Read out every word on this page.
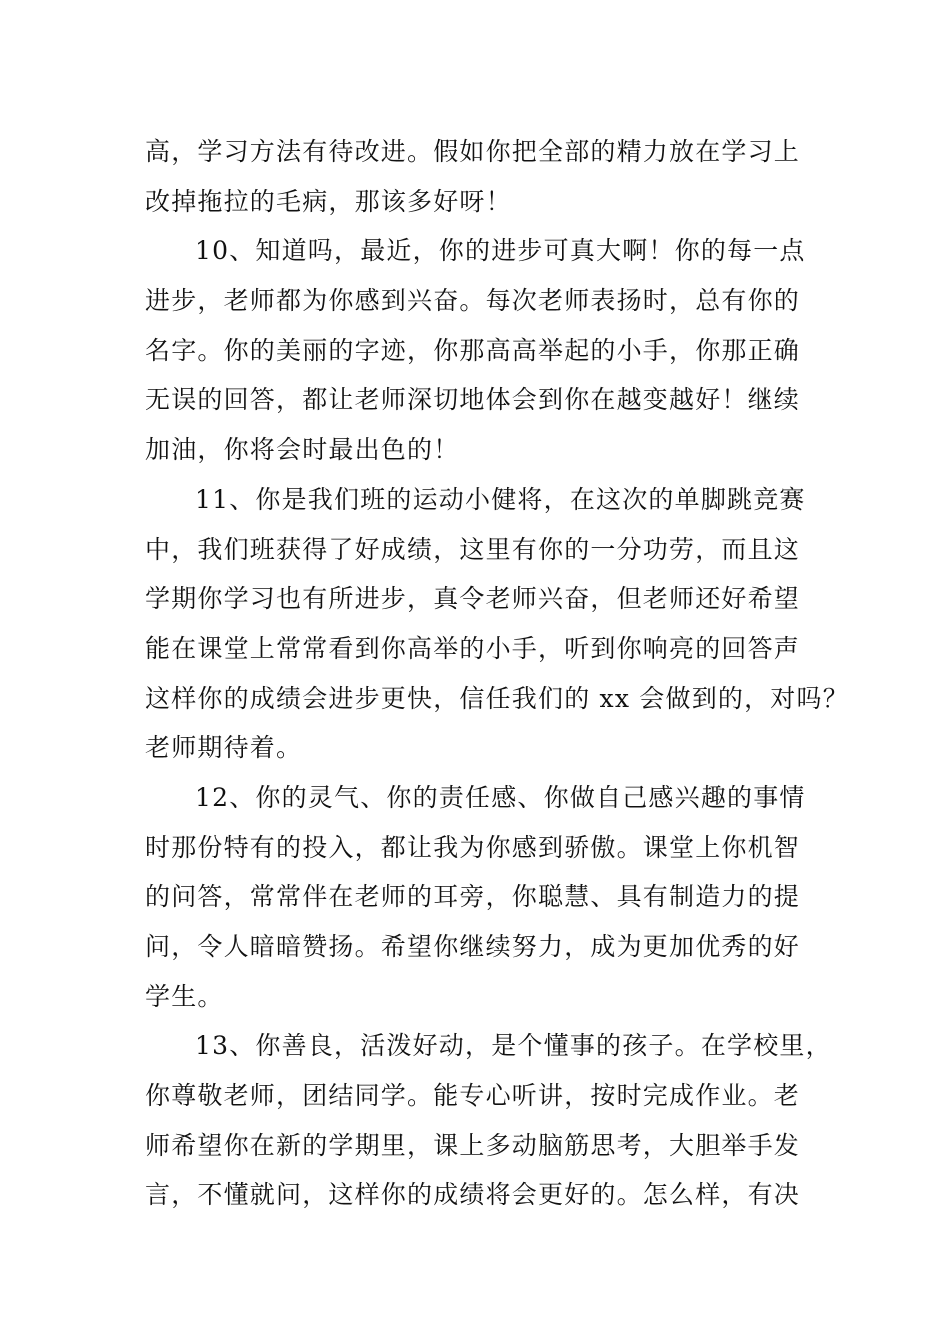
高，学习方法有待改进。假如你把全部的精力放在学习上
改掉拖拉的毛病，那该多好呀！
10、知道吗，最近，你的进步可真大啊！你的每一点
进步，老师都为你感到兴奋。每次老师表扬时，总有你的
名字。你的美丽的字迹，你那高高举起的小手，你那正确
无误的回答，都让老师深切地体会到你在越变越好！继续
加油，你将会时最出色的！
11、你是我们班的运动小健将，在这次的单脚跳竞赛
中，我们班获得了好成绩，这里有你的一分功劳，而且这
学期你学习也有所进步，真令老师兴奋，但老师还好希望
能在课堂上常常看到你高举的小手，听到你响亮的回答声
这样你的成绩会进步更快，信任我们的 xx 会做到的，对吗？
老师期待着。
12、你的灵气、你的责任感、你做自己感兴趣的事情
时那份特有的投入，都让我为你感到骄傲。课堂上你机智
的问答，常常伴在老师的耳旁，你聪慧、具有制造力的提
问，令人暗暗赞扬。希望你继续努力，成为更加优秀的好
学生。
13、你善良，活泼好动，是个懂事的孩子。在学校里，
你尊敬老师，团结同学。能专心听讲，按时完成作业。老
师希望你在新的学期里，课上多动脑筋思考，大胆举手发
言，不懂就问，这样你的成绩将会更好的。怎么样，有决
